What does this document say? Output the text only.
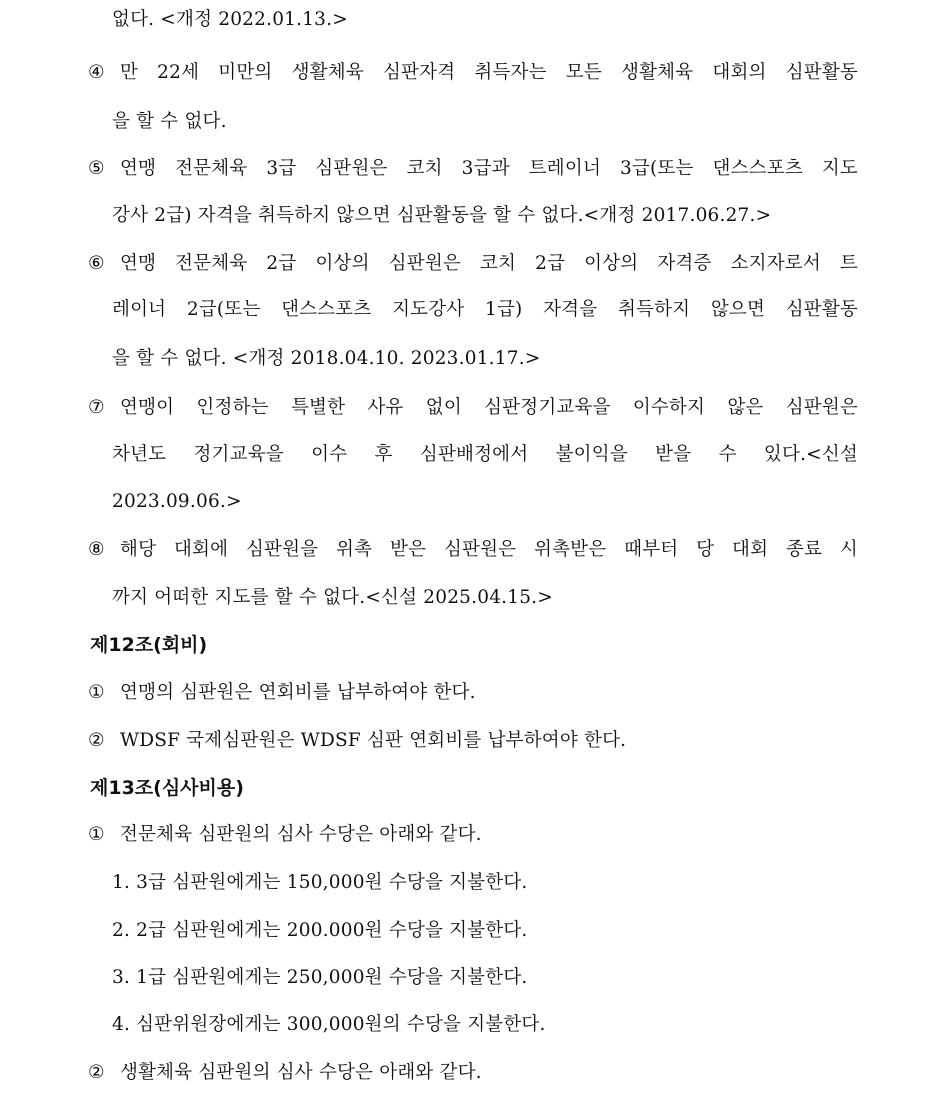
없다. <개정 2022.01.13.>
④ 만 22세 미만의 생활체육 심판자격 취득자는 모든 생활체육 대회의 심판활동
을 할 수 없다.
⑤ 연맹 전문체육 3급 심판원은 코치 3급과 트레이너 3급(또는 댄스스포츠 지도
강사 2급) 자격을 취득하지 않으면 심판활동을 할 수 없다.<개정 2017.06.27.>
⑥ 연맹 전문체육 2급 이상의 심판원은 코치 2급 이상의 자격증 소지자로서 트
레이너 2급(또는 댄스스포츠 지도강사 1급) 자격을 취득하지 않으면 심판활동
을 할 수 없다. <개정 2018.04.10. 2023.01.17.>
⑦ 연맹이 인정하는 특별한 사유 없이 심판정기교육을 이수하지 않은 심판원은
차년도 정기교육을 이수 후 심판배정에서 불이익을 받을 수 있다.<신설
2023.09.06.>
⑧ 해당 대회에 심판원을 위촉 받은 심판원은 위촉받은 때부터 당 대회 종료 시
까지 어떠한 지도를 할 수 없다.<신설 2025.04.15.>
제12조(회비)
① 연맹의 심판원은 연회비를 납부하여야 한다.
② WDSF 국제심판원은 WDSF 심판 연회비를 납부하여야 한다.
제13조(심사비용)
① 전문체육 심판원의 심사 수당은 아래와 같다.
1. 3급 심판원에게는 150,000원 수당을 지불한다.
2. 2급 심판원에게는 200.000원 수당을 지불한다.
3. 1급 심판원에게는 250,000원 수당을 지불한다.
4. 심판위원장에게는 300,000원의 수당을 지불한다.
② 생활체육 심판원의 심사 수당은 아래와 같다.
